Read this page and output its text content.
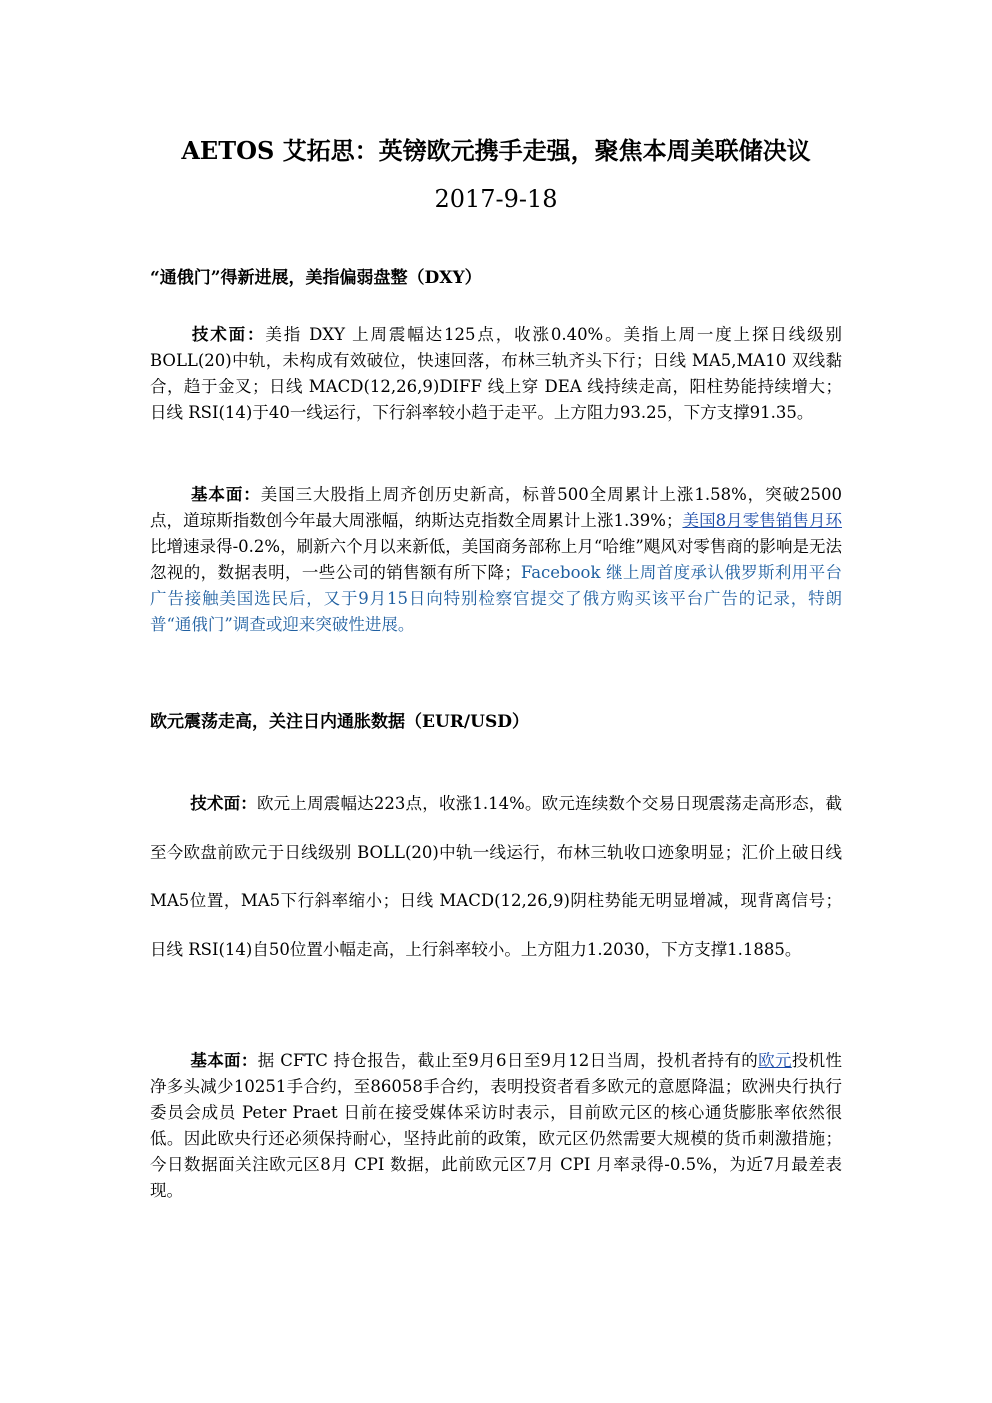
AETOS 艾拓思：英镑欧元携手走强，聚焦本周美联储决议
2017-9-18
“通俄门”得新进展，美指偏弱盘整（DXY）

技术面：美指 DXY 上周震幅达125点，收涨0.40%。美指上周一度上探日线级别 BOLL(20)中轨，未构成有效破位，快速回落，布林三轨齐头下行；日线 MA5,MA10 双线黏合，趋于金叉；日线 MACD(12,26,9)DIFF 线上穿 DEA 线持续走高，阳柱势能持续增大；日线 RSI(14)于40一线运行，下行斜率较小趋于走平。上方阻力93.25，下方支撑91.35。

基本面：美国三大股指上周齐创历史新高，标普500全周累计上涨1.58%，突破2500点，道琼斯指数创今年最大周涨幅，纳斯达克指数全周累计上涨1.39%；美国8月零售销售月环比增速录得-0.2%，刷新六个月以来新低，美国商务部称上月“哈维”飓风对零售商的影响是无法忽视的，数据表明，一些公司的销售额有所下降；Facebook 继上周首度承认俄罗斯利用平台广告接触美国选民后，又于9月15日向特别检察官提交了俄方购买该平台广告的记录，特朗普“通俄门”调查或迎来突破性进展。

欧元震荡走高，关注日内通胀数据（EUR/USD）

技术面：欧元上周震幅达223点，收涨1.14%。欧元连续数个交易日现震荡走高形态，截至今欧盘前欧元于日线级别 BOLL(20)中轨一线运行，布林三轨收口迹象明显；汇价上破日线 MA5位置，MA5下行斜率缩小；日线 MACD(12,26,9)阴柱势能无明显增减，现背离信号；日线 RSI(14)自50位置小幅走高，上行斜率较小。上方阻力1.2030，下方支撑1.1885。

基本面：据 CFTC 持仓报告，截止至9月6日至9月12日当周，投机者持有的欧元投机性净多头减少10251手合约，至86058手合约，表明投资者看多欧元的意愿降温；欧洲央行执行委员会成员 Peter Praet 日前在接受媒体采访时表示，目前欧元区的核心通货膨胀率依然很低。因此欧央行还必须保持耐心，坚持此前的政策，欧元区仍然需要大规模的货币刺激措施；今日数据面关注欧元区8月 CPI 数据，此前欧元区7月 CPI 月率录得-0.5%，为近7月最差表现。
